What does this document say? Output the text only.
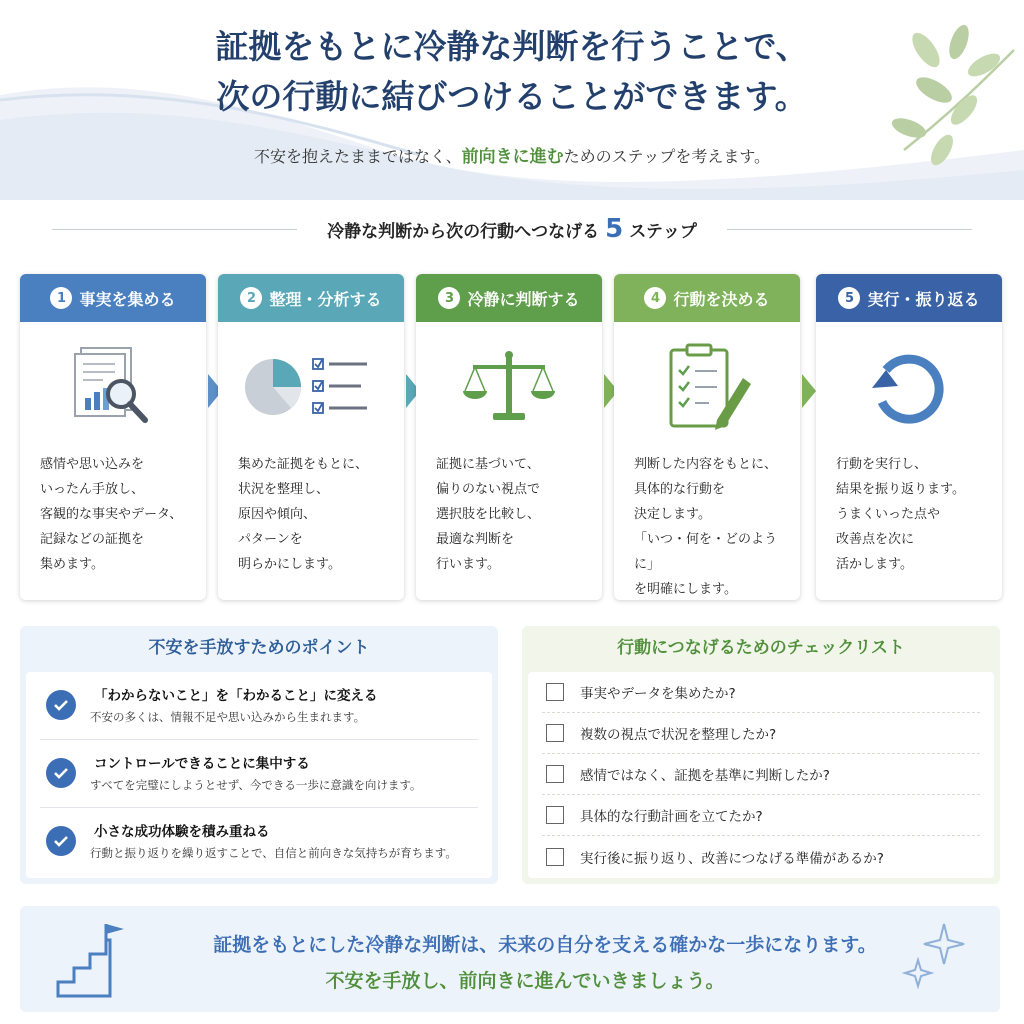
証拠をもとに冷静な判断を行うことで、
次の行動に結びつけることができます。

不安を抱えたままではなく、前向きに進むためのステップを考えます。

冷静な判断から次の行動へつなげる 5 ステップ
1 事実を集める
感情や思い込みを
いったん手放し、
客観的な事実やデータ、
記録などの証拠を
集めます。
2 整理・分析する
集めた証拠をもとに、
状況を整理し、
原因や傾向、
パターンを
明らかにします。
3 冷静に判断する
証拠に基づいて、
偏りのない視点で
選択肢を比較し、
最適な判断を
行います。
4 行動を決める
判断した内容をもとに、
具体的な行動を
決定します。
「いつ・何を・どのように」
を明確にします。
5 実行・振り返る
行動を実行し、
結果を振り返ります。
うまくいった点や
改善点を次に
活かします。
不安を手放すためのポイント
「わからないこと」を「わかること」に変える
不安の多くは、情報不足や思い込みから生まれます。
コントロールできることに集中する
すべてを完璧にしようとせず、今できる一歩に意識を向けます。
小さな成功体験を積み重ねる
行動と振り返りを繰り返すことで、自信と前向きな気持ちが育ちます。
行動につなげるためのチェックリスト
事実やデータを集めたか?
複数の視点で状況を整理したか?
感情ではなく、証拠を基準に判断したか?
具体的な行動計画を立てたか?
実行後に振り返り、改善につなげる準備があるか?
証拠をもとにした冷静な判断は、未来の自分を支える確かな一歩になります。
不安を手放し、前向きに進んでいきましょう。
